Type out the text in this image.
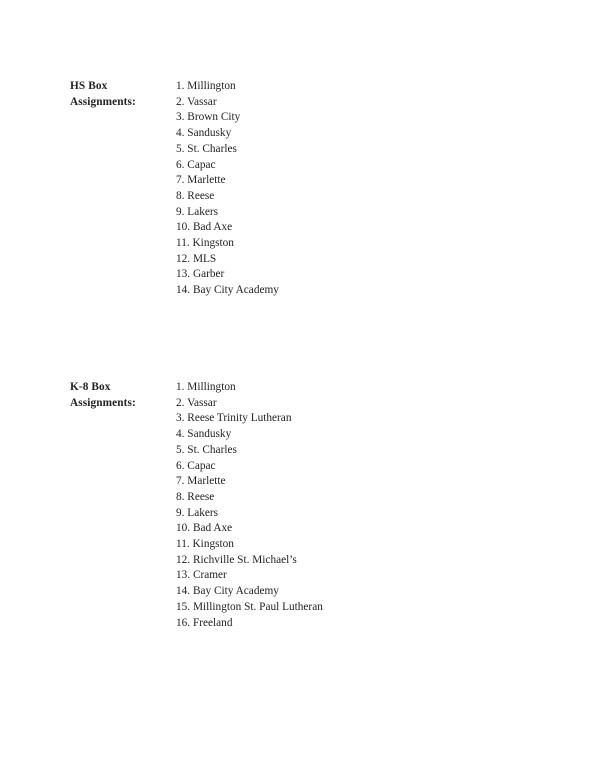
HS Box
Assignments:
1. Millington
2. Vassar
3. Brown City
4. Sandusky
5. St. Charles
6. Capac
7. Marlette
8. Reese
9. Lakers
10. Bad Axe
11. Kingston
12. MLS
13. Garber
14. Bay City Academy
K-8 Box
Assignments:
1. Millington
2. Vassar
3. Reese Trinity Lutheran
4. Sandusky
5. St. Charles
6. Capac
7. Marlette
8. Reese
9. Lakers
10. Bad Axe
11. Kingston
12. Richville St. Michael’s
13. Cramer
14. Bay City Academy
15. Millington St. Paul Lutheran
16. Freeland
